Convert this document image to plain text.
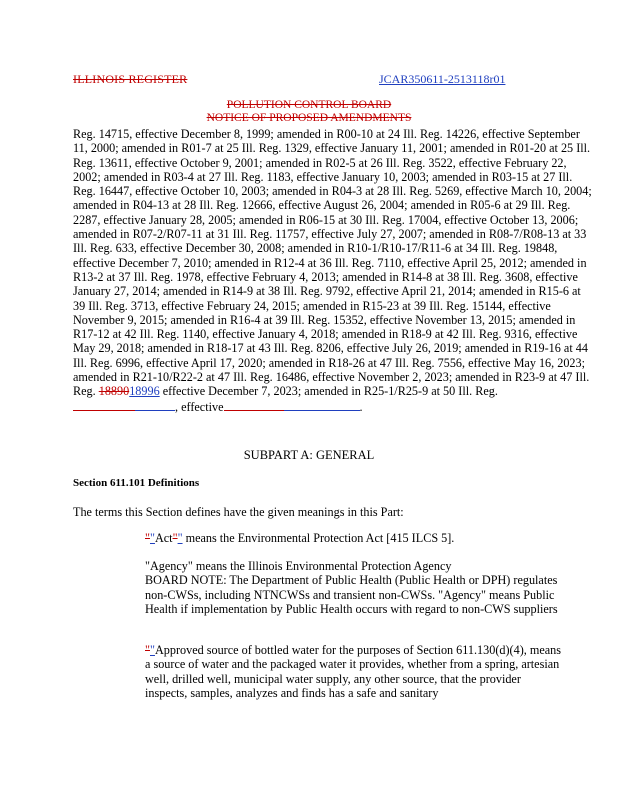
ILLINOIS REGISTER	JCAR350611-2513118r01
POLLUTION CONTROL BOARD
NOTICE OF PROPOSED AMENDMENTS
Reg. 14715, effective December 8, 1999; amended in R00-10 at 24 Ill. Reg. 14226, effective September 11, 2000; amended in R01-7 at 25 Ill. Reg. 1329, effective January 11, 2001; amended in R01-20 at 25 Ill. Reg. 13611, effective October 9, 2001; amended in R02-5 at 26 Ill. Reg. 3522, effective February 22, 2002; amended in R03-4 at 27 Ill. Reg. 1183, effective January 10, 2003; amended in R03-15 at 27 Ill. Reg. 16447, effective October 10, 2003; amended in R04-3 at 28 Ill. Reg. 5269, effective March 10, 2004; amended in R04-13 at 28 Ill. Reg. 12666, effective August 26, 2004; amended in R05-6 at 29 Ill. Reg. 2287, effective January 28, 2005; amended in R06-15 at 30 Ill. Reg. 17004, effective October 13, 2006; amended in R07-2/R07-11 at 31 Ill. Reg. 11757, effective July 27, 2007; amended in R08-7/R08-13 at 33 Ill. Reg. 633, effective December 30, 2008; amended in R10-1/R10-17/R11-6 at 34 Ill. Reg. 19848, effective December 7, 2010; amended in R12-4 at 36 Ill. Reg. 7110, effective April 25, 2012; amended in R13-2 at 37 Ill. Reg. 1978, effective February 4, 2013; amended in R14-8 at 38 Ill. Reg. 3608, effective January 27, 2014; amended in R14-9 at 38 Ill. Reg. 9792, effective April 21, 2014; amended in R15-6 at 39 Ill. Reg. 3713, effective February 24, 2015; amended in R15-23 at 39 Ill. Reg. 15144, effective November 9, 2015; amended in R16-4 at 39 Ill. Reg. 15352, effective November 13, 2015; amended in R17-12 at 42 Ill. Reg. 1140, effective January 4, 2018; amended in R18-9 at 42 Ill. Reg. 9316, effective May 29, 2018; amended in R18-17 at 43 Ill. Reg. 8206, effective July 26, 2019; amended in R19-16 at 44 Ill. Reg. 6996, effective April 17, 2020; amended in R18-26 at 47 Ill. Reg. 7556, effective May 16, 2023; amended in R21-10/R22-2 at 47 Ill. Reg. 16486, effective November 2, 2023; amended in R23-9 at 47 Ill. Reg. 1889018996 effective December 7, 2023; amended in R25-1/R25-9 at 50 Ill. Reg.
, effective	.
SUBPART A: GENERAL
Section 611.101 Definitions
The terms this Section defines have the given meanings in this Part:
""Act"" means the Environmental Protection Act [415 ILCS 5].
"Agency" means the Illinois Environmental Protection Agency
BOARD NOTE: The Department of Public Health (Public Health or DPH) regulates non-CWSs, including NTNCWSs and transient non-CWSs. "Agency" means Public Health if implementation by Public Health occurs with regard to non-CWS suppliers
""Approved source of bottled water for the purposes of Section 611.130(d)(4), means a source of water and the packaged water it provides, whether from a spring, artesian well, drilled well, municipal water supply, any other source, that the provider inspects, samples, analyzes and finds has a safe and sanitary
